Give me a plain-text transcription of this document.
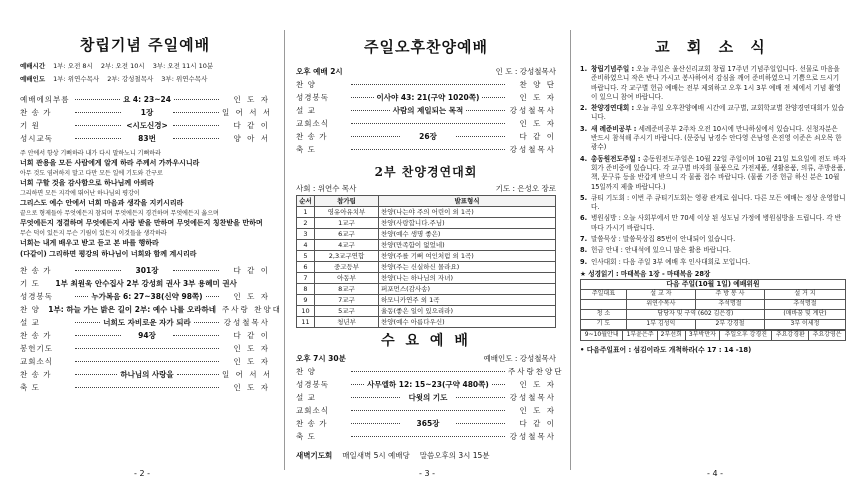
창립기념 주일예배
예배시간 1부: 오전 8시 2부: 오전 10시 3부: 오전 11시 10분
예배인도 1부: 위연수목사 2부: 강성철목사 3부: 위연수목사
예배에의부름	요 4: 23~24	인 도 자
찬 송 가	1장	일 어 서 서
기 원	<시도신경>	다 같 이
성시교독	83번	양 아 서
주 안에서 항상 기뻐하라 내가 다시 말하노니 기뻐하라
너희 관용을 모든 사람에게 알게 하라 주께서 가까우시니라
아무 것도 염려하지 말고 다만 모든 일에 기도와 간구로
너희 구할 것을 감사함으로 하나님께 아뢰라
그리하면 모든 지각에 뛰어난 하나님의 평강이
그리스도 예수 안에서 너희 마음과 생각을 지키시리라
끝으로 형제들아 무엇에든지 참되며 무엇에든지 경건하며 무엇에든지 옳으며
무엇에든지 정결하며 무엇에든지 사랑 받을 만하며 무엇에든지 칭찬받을 만하며
무슨 덕이 있든지 무슨 기림이 있든지 이것들을 생각하라
너희는 내게 배우고 받고 듣고 본 바를 행하라
(다같이) 그리하면 평강의 하나님이 너희와 함께 계시리라
찬 송 가	301장	다 같 이
기 도	1부 최원욱 안수집사 2부 강성희 권사 3부 용혜미 권사
성경봉독	누가복음 6: 27~38(신약 98쪽)	인 도 자
찬 양	1부: 하늘 가는 밝은 길이 2부: 예수 나를 오라하네 주사랑 찬양대
설 교	너희도 자비로운 자가 되라	강성철목사
찬 송 가	94장	다 같 이
봉헌기도	인 도 자
교회소식	인 도 자
찬 송 가	하나님의 사랑을	일 어 서 서
축 도	인 도 자
- 2 -
주일오후찬양예배
오후 예배 2시	인 도 : 강성철목사
찬 양	찬 양 단
성경봉독	이사야 43: 21(구약 1020쪽)	인 도 자
설 교	사람의 제일되는 목적	강성철목사
교회소식	인 도 자
찬 송 가	26장	다 같 이
축 도	강성철목사
2부 찬양경연대회
사회 : 위연수 목사	기도 : 은성오 장로
순서	참가팀	발표형식
1	영유아유치부	찬양(나는야 주의 어린이 외 1곡)
2	1교구	찬양(사랑합니다.주님)
3	6교구	찬양(예수 생명 좋은)
4	4교구	찬양(만족함이 없었네)
5	2,3교구연합	찬양(주를 기뻐 여인처럼 외 1곡)
6	중고등부	찬양(주는 신실하신 몰라요)
7	아동부	찬양(나는 하나님의 자녀)
8	8교구	퍼포먼스(감사송)
9	7교구	하모니카연주 외 1곡
10	5교구	율동(좋은 일이 있으리라)
11	청년부	찬양(예수 아름다우신)
수 요 예 배
오후 7시 30분	예배인도 : 강성철목사
찬 양	주사랑찬양단
성경봉독	사무엘하 12: 15~23(구약 480쪽)	인 도 자
설 교	다윗의 기도	강성철목사
교회소식	인 도 자
찬 송 가	365장	다 같 이
축 도	강성철목사
새벽기도회 매일새벽 5시 예배당 말씀오후의 3시 15분
- 3 -
교 회 소 식
1. 창립기념주일 : 오늘 주일은 울산신리교회 창립 17주년 기념주일입니다. 선물로 마음을 준비하였으니 작은 반나 가시고 봉사하여서 감심을 깨어 준비하였으니 기쁨으로 드시기 바랍니다. 각 교구별 헌금 예배는 전부 제외하고 오후 1시 3부 예배 전 체에서 기념 촬영이 있으니 참여 바랍니다.
2. 찬양경연대회 : 오늘 주일 오후찬양예배 시간에 교구별, 교회학교별 찬양경연대회가 있습니다.
3. 새 례준비공부 : 세례준비공부 2주차 오전 10시에 만나하심에서 있습니다. 신청자분은 반드시 참석해 주시기 바랍니다. (문중님 남경수 안다영 은남영 은진영 이준은 쇠오목 한광수)
4. 총동원전도주일 : 총동원전도주일은 10월 22일 주일이며 10월 21일 토요일에 전도 바자회가 준비중에 있습니다. 각 교구별 바자회 물품으로 가전제품, 생활용품, 의류, 주방용품, 책, 문구류 등을 반갑게 받으니 각 물품 접수 바랍니다. (물품 기증 헌금 하신 분은 10월 15일까지 제출 바랍니다.)
5. 큐티 기도회 : 이번 주 큐티기도회는 영광 관계로 쉽니다. 다른 모든 예배는 정상 운영합니다.
6. 병원심방 : 오늘 사회부에서 만 70세 이상 된 성도님 가정에 병원심방을 드립니다. 각 반마다 가시기 바랍니다.
7. 말씀묵상 : 말씀묵상집 85번이 안내되어 있습니다.
8. 헌금 안내 : 안내석에 있으니 많은 활용 바랍니다.
9. 인사대회 : 다음 주일 3부 예배 후 인사대회로 모입니다.
★ 성경읽기 : 마태복음 1장 - 마태복음 28장
다음 주일(10월 1일) 예배위원			
주일대표	설 교 자	주 방 봉 사	설 거 지
	위연수목사	추석명절	추석명절
청 소	담당자 및 구역 (602 김은경)		(매바꿈 및 계단)
기 도	1부 김성익	2부 강경철	3부 이세정
9~10월안내	1부윤은주	2부선희	3부박만자	추일오후 강경진	추요강경환	추요강영은
• 다음주일표어 : 섬김이라도 개척하라(수 17 : 14 -18)
- 4 -
